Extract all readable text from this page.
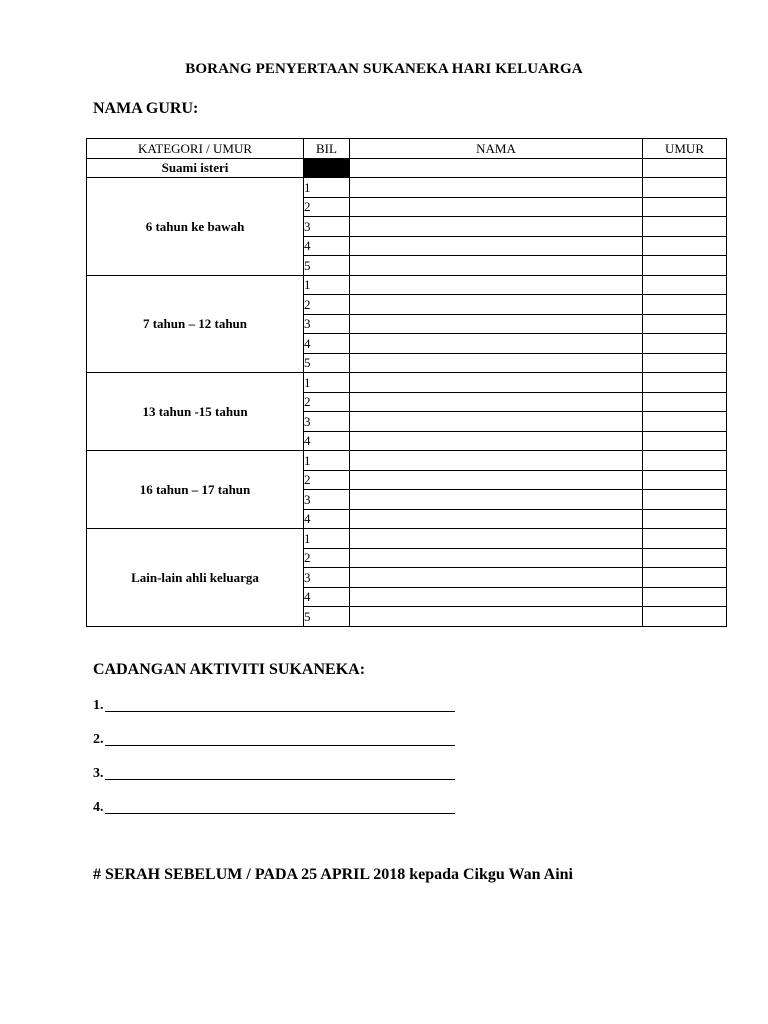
BORANG PENYERTAAN SUKANEKA HARI KELUARGA
NAMA GURU:
KATEGORI / UMUR	BIL	NAMA	UMUR
Suami isteri			
6 tahun ke bawah	1		
	2		
	3		
	4		
	5		
7 tahun – 12 tahun	1		
	2		
	3		
	4		
	5		
13 tahun -15 tahun	1		
	2		
	3		
	4		
16 tahun – 17 tahun	1		
	2		
	3		
	4		
Lain-lain ahli keluarga	1		
	2		
	3		
	4		
	5		
CADANGAN AKTIVITI SUKANEKA:
1.
2.
3.
4.
# SERAH SEBELUM / PADA 25 APRIL 2018 kepada Cikgu Wan Aini
